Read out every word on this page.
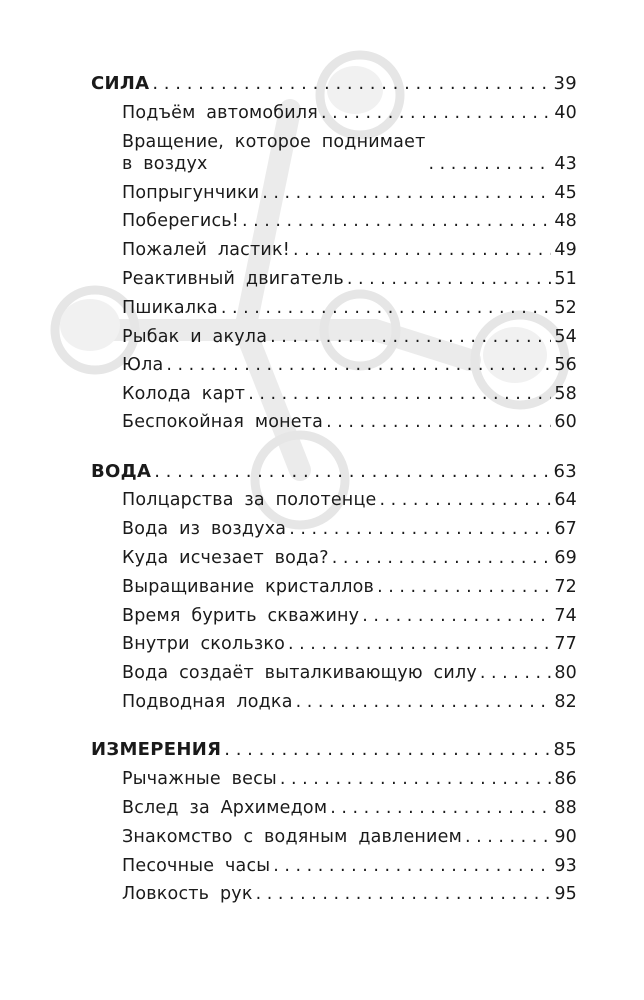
СИЛА . . .	39
Подъём автомобиля . . .	40
Вращение, которое поднимает
в воздух . . .	43
Попрыгунчики . . .	45
Поберегись! . . .	48
Пожалей ластик! . . .	49
Реактивный двигатель . . .	51
Пшикалка . . .	52
Рыбак и акула . . .	54
Юла . . .	56
Колода карт . . .	58
Беспокойная монета . . .	60
ВОДА . . .	63
Полцарства за полотенце . . .	64
Вода из воздуха . . .	67
Куда исчезает вода? . . .	69
Выращивание кристаллов . . .	72
Время бурить скважину . . .	74
Внутри скользко . . .	77
Вода создаёт выталкивающую силу . . .	80
Подводная лодка . . .	82
ИЗМЕРЕНИЯ . . .	85
Рычажные весы . . .	86
Вслед за Архимедом . . .	88
Знакомство с водяным давлением . . .	90
Песочные часы . . .	93
Ловкость рук . . .	95
